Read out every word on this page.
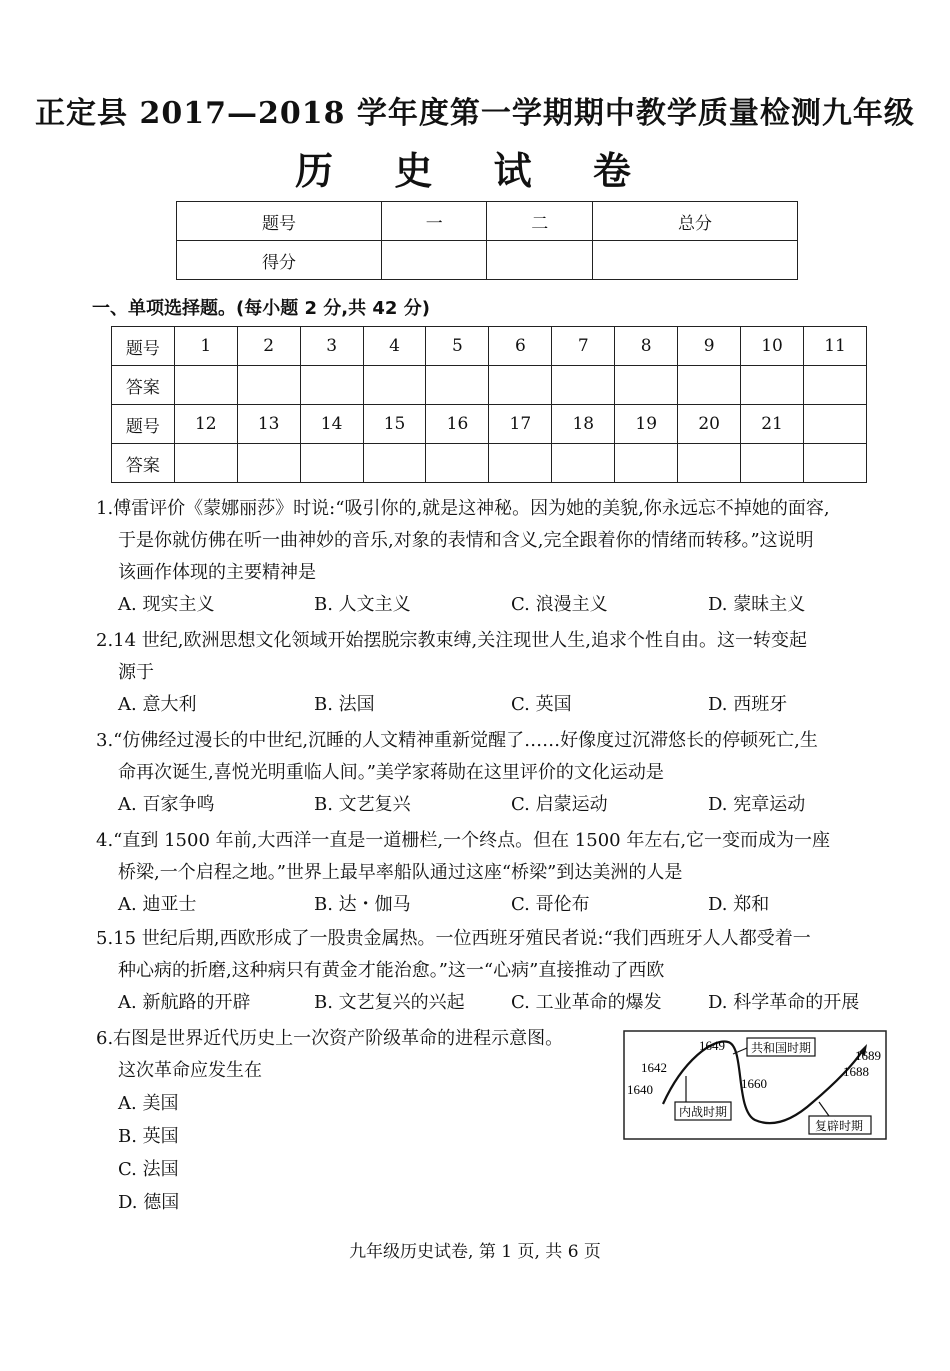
正定县 2017—2018 学年度第一学期期中教学质量检测九年级
历 史 试 卷
题号	一	二	总分
得分			
一、单项选择题。(每小题 2 分,共 42 分)
题号	1	2	3	4	5	6	7	8	9	10	11
答案											
题号	12	13	14	15	16	17	18	19	20	21	
答案											

1.傅雷评价《蒙娜丽莎》时说:“吸引你的,就是这神秘。因为她的美貌,你永远忘不掉她的面容,

于是你就仿佛在听一曲神妙的音乐,对象的表情和含义,完全跟着你的情绪而转移。”这说明

该画作体现的主要精神是

A. 现实主义	B. 人文主义	C. 浪漫主义	D. 蒙昧主义

2.14 世纪,欧洲思想文化领域开始摆脱宗教束缚,关注现世人生,追求个性自由。这一转变起

源于

A. 意大利	B. 法国	C. 英国	D. 西班牙

3.“仿佛经过漫长的中世纪,沉睡的人文精神重新觉醒了……好像度过沉滞悠长的停顿死亡,生

命再次诞生,喜悦光明重临人间。”美学家蒋勋在这里评价的文化运动是

A. 百家争鸣	B. 文艺复兴	C. 启蒙运动	D. 宪章运动

4.“直到 1500 年前,大西洋一直是一道栅栏,一个终点。但在 1500 年左右,它一变而成为一座

桥梁,一个启程之地。”世界上最早率船队通过这座“桥梁”到达美洲的人是

A. 迪亚士	B. 达・伽马	C. 哥伦布	D. 郑和

5.15 世纪后期,西欧形成了一股贵金属热。一位西班牙殖民者说:“我们西班牙人人都受着一

种心病的折磨,这种病只有黄金才能治愈。”这一“心病”直接推动了西欧

A. 新航路的开辟	B. 文艺复兴的兴起	C. 工业革命的爆发	D. 科学革命的开展

6.右图是世界近代历史上一次资产阶级革命的进程示意图。

这次革命应发生在

A. 美国
B. 英国
C. 法国
D. 德国
1640
1642
1649
1660
1688
1689
内战时期
共和国时期
复辟时期
九年级历史试卷, 第 1 页, 共 6 页
